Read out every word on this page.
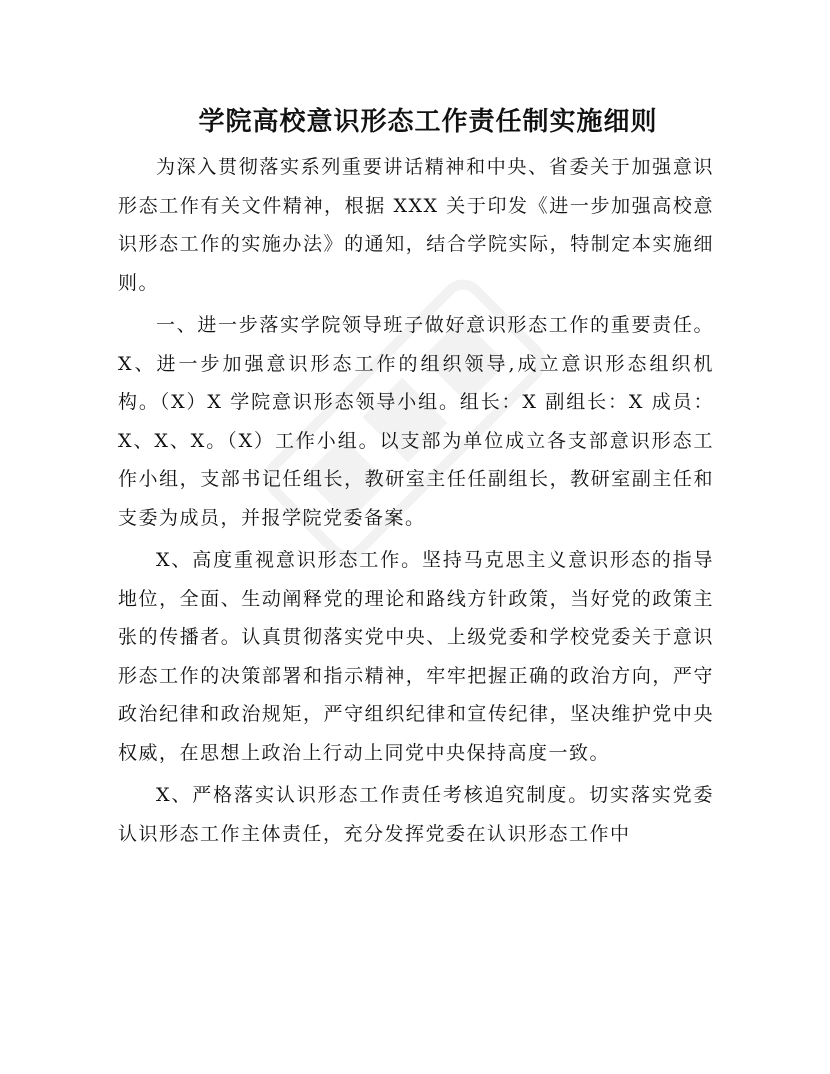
学院高校意识形态工作责任制实施细则

为深入贯彻落实系列重要讲话精神和中央、省委关于加强意识形态工作有关文件精神，根据 XXX 关于印发《进一步加强高校意识形态工作的实施办法》的通知，结合学院实际，特制定本实施细则。

一、进一步落实学院领导班子做好意识形态工作的重要责任。X、进一步加强意识形态工作的组织领导,成立意识形态组织机构。（X）X 学院意识形态领导小组。组长：X 副组长：X 成员：X、X、X。（X）工作小组。以支部为单位成立各支部意识形态工作小组，支部书记任组长，教研室主任任副组长，教研室副主任和支委为成员，并报学院党委备案。

X、高度重视意识形态工作。坚持马克思主义意识形态的指导地位，全面、生动阐释党的理论和路线方针政策，当好党的政策主张的传播者。认真贯彻落实党中央、上级党委和学校党委关于意识形态工作的决策部署和指示精神，牢牢把握正确的政治方向，严守政治纪律和政治规矩，严守组织纪律和宣传纪律，坚决维护党中央权威，在思想上政治上行动上同党中央保持高度一致。

X、严格落实认识形态工作责任考核追究制度。切实落实党委认识形态工作主体责任，充分发挥党委在认识形态工作中
